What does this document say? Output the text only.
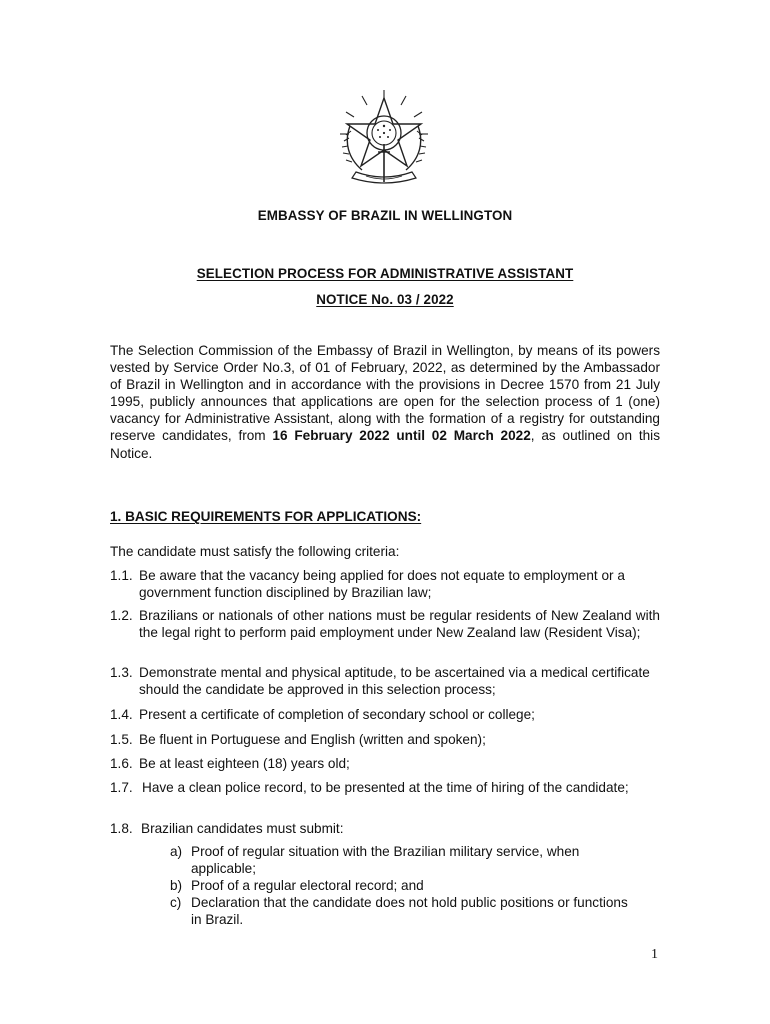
EMBASSY OF BRAZIL IN WELLINGTON
SELECTION PROCESS FOR ADMINISTRATIVE ASSISTANT
NOTICE No. 03 / 2022

The Selection Commission of the Embassy of Brazil in Wellington, by means of its powers vested by Service Order No.3, of 01 of February, 2022, as determined by the Ambassador of Brazil in Wellington and in accordance with the provisions in Decree 1570 from 21 July 1995, publicly announces that applications are open for the selection process of 1 (one) vacancy for Administrative Assistant, along with the formation of a registry for outstanding reserve candidates, from 16 February 2022 until 02 March 2022, as outlined on this Notice.

1. BASIC REQUIREMENTS FOR APPLICATIONS:

The candidate must satisfy the following criteria:

1.1. Be aware that the vacancy being applied for does not equate to employment or a government function disciplined by Brazilian law;
1.2. Brazilians or nationals of other nations must be regular residents of New Zealand with the legal right to perform paid employment under New Zealand law (Resident Visa);
1.3. Demonstrate mental and physical aptitude, to be ascertained via a medical certificate should the candidate be approved in this selection process;
1.4. Present a certificate of completion of secondary school or college;
1.5. Be fluent in Portuguese and English (written and spoken);
1.6. Be at least eighteen (18) years old;
1.7. Have a clean police record, to be presented at the time of hiring of the candidate;
1.8. Brazilian candidates must submit:
a) Proof of regular situation with the Brazilian military service, when applicable;
b) Proof of a regular electoral record; and
c) Declaration that the candidate does not hold public positions or functions in Brazil.
1
